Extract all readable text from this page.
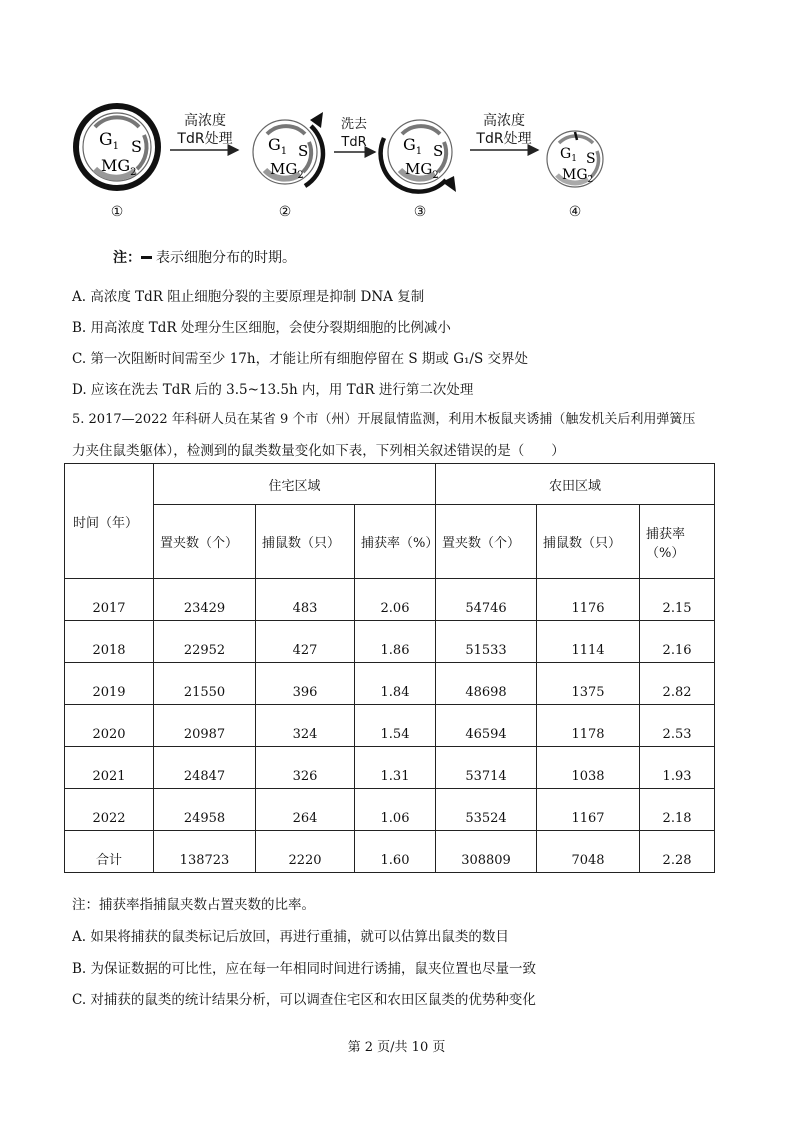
$G_1$ S
$MG_2$
$G_1$ S
$MG_2$
$G_1$ S
$MG_2$
$G_1$ S
$MG_2$
高浓度
TdR处理
洗去
TdR
高浓度
TdR处理
①	②	③	④
注： 表示细胞分布的时期。
A. 高浓度 TdR 阻止细胞分裂的主要原理是抑制 DNA 复制
B. 用高浓度 TdR 处理分生区细胞，会使分裂期细胞的比例减小
C. 第一次阻断时间需至少 17h，才能让所有细胞停留在 S 期或 G₁/S 交界处
D. 应该在洗去 TdR 后的 3.5~13.5h 内，用 TdR 进行第二次处理
5. 2017—2022 年科研人员在某省 9 个市（州）开展鼠情监测，利用木板鼠夹诱捕（触发机关后利用弹簧压
力夹住鼠类躯体），检测到的鼠类数量变化如下表，下列相关叙述错误的是（　　）
时间（年）	住宅区域			农田区域		
	置夹数（个）	捕鼠数（只）	捕获率（%）	置夹数（个）	捕鼠数（只）	捕获率（%）
2017	23429	483	2.06	54746	1176	2.15
2018	22952	427	1.86	51533	1114	2.16
2019	21550	396	1.84	48698	1375	2.82
2020	20987	324	1.54	46594	1178	2.53
2021	24847	326	1.31	53714	1038	1.93
2022	24958	264	1.06	53524	1167	2.18
合计	138723	2220	1.60	308809	7048	2.28
注：捕获率指捕鼠夹数占置夹数的比率。
A. 如果将捕获的鼠类标记后放回，再进行重捕，就可以估算出鼠类的数目
B. 为保证数据的可比性，应在每一年相同时间进行诱捕，鼠夹位置也尽量一致
C. 对捕获的鼠类的统计结果分析，可以调查住宅区和农田区鼠类的优势种变化
第 2 页/共 10 页
